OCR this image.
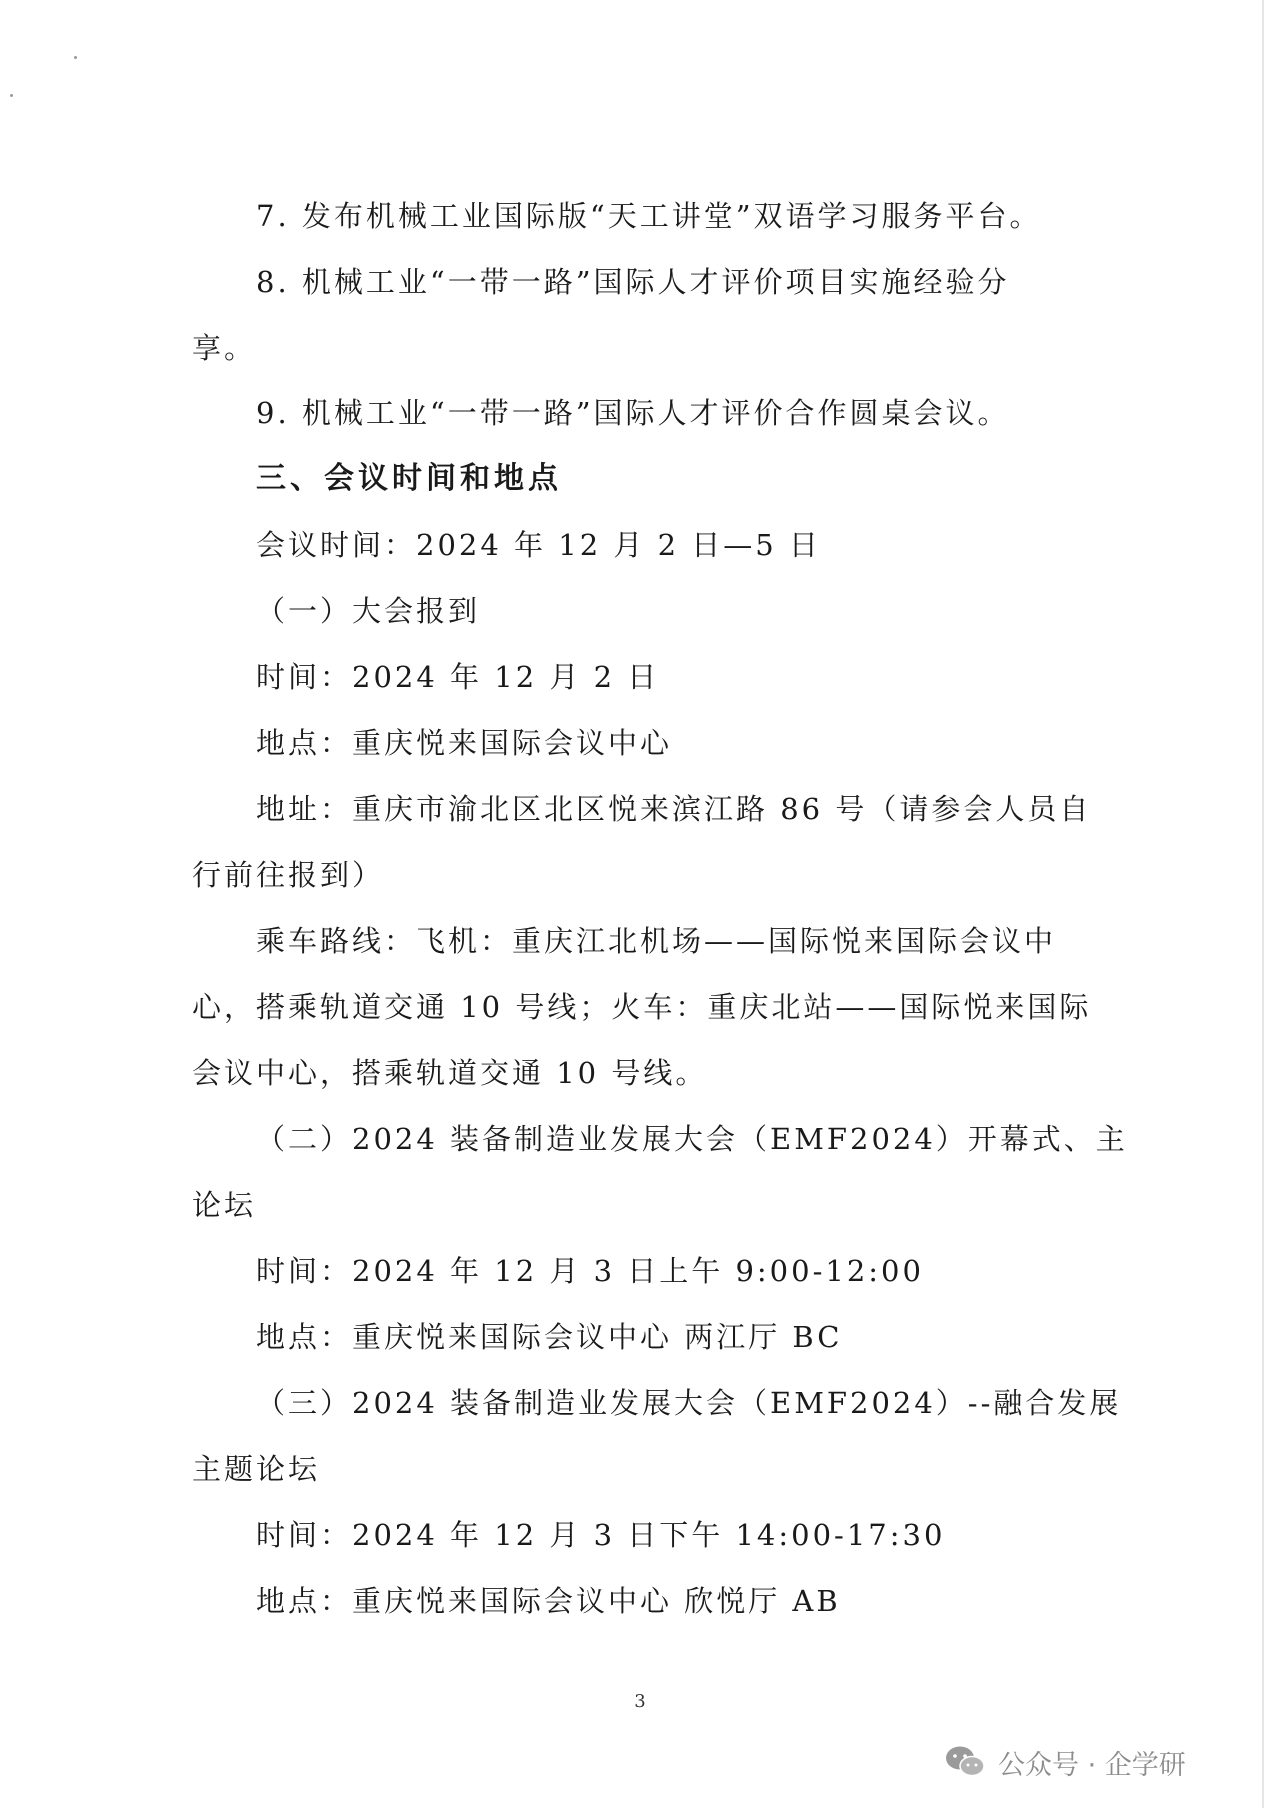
7. 发布机械工业国际版“天工讲堂”双语学习服务平台。
8. 机械工业“一带一路”国际人才评价项目实施经验分
享。
9. 机械工业“一带一路”国际人才评价合作圆桌会议。
三、会议时间和地点
会议时间：2024 年 12 月 2 日—5 日
（一）大会报到
时间：2024 年 12 月 2 日
地点：重庆悦来国际会议中心
地址：重庆市渝北区北区悦来滨江路 86 号（请参会人员自
行前往报到）
乘车路线：飞机：重庆江北机场——国际悦来国际会议中
心，搭乘轨道交通 10 号线；火车：重庆北站——国际悦来国际
会议中心，搭乘轨道交通 10 号线。
（二）2024 装备制造业发展大会（EMF2024）开幕式、主
论坛
时间：2024 年 12 月 3 日上午 9:00-12:00
地点：重庆悦来国际会议中心 两江厅 BC
（三）2024 装备制造业发展大会（EMF2024）--融合发展
主题论坛
时间：2024 年 12 月 3 日下午 14:00-17:30
地点：重庆悦来国际会议中心 欣悦厅 AB
3
公众号 · 企学研
